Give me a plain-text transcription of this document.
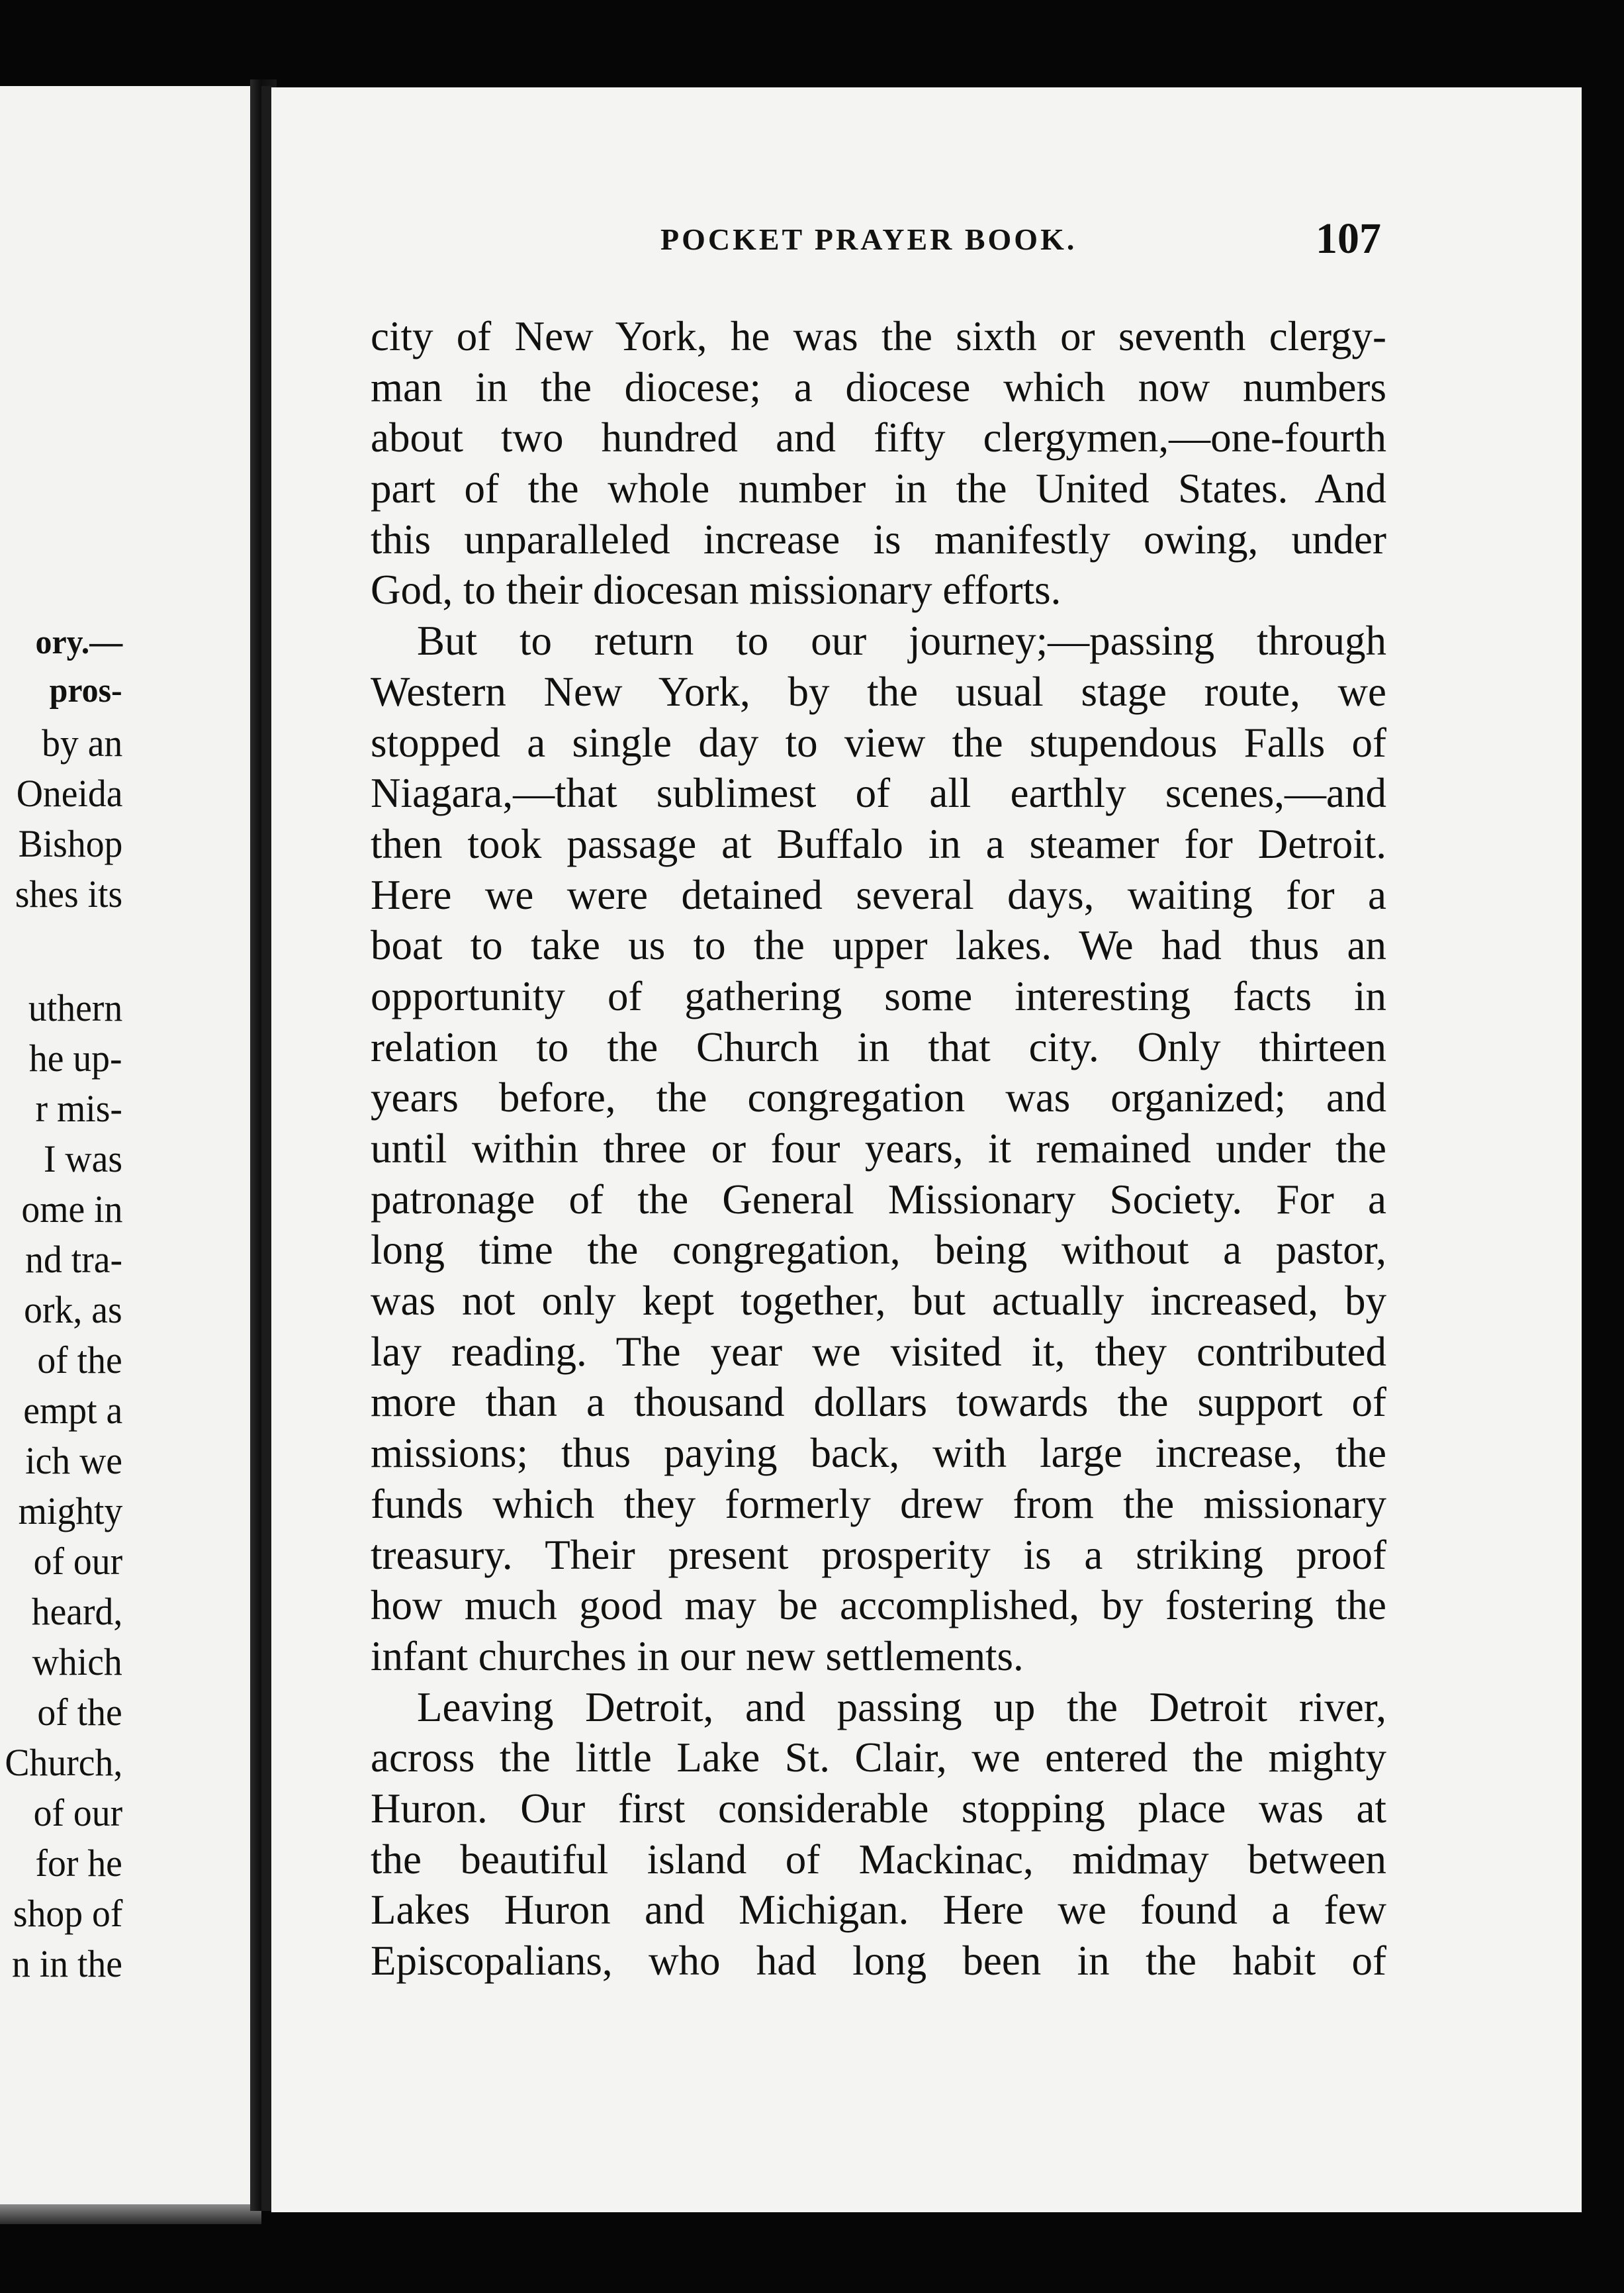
ory.—
pros-
by an
Oneida
Bishop
shes its
uthern
he up-
r mis-
I was
ome in
nd tra-
ork, as
of the
empt a
ich we
mighty
of our
heard,
which
of the
Church,
of our
for he
shop of
n in the
POCKET PRAYER BOOK.	107
city of New York, he was the sixth or seventh clergy-
man in the diocese; a diocese which now numbers
about two hundred and fifty clergymen,—one-fourth
part of the whole number in the United States. And
this unparalleled increase is manifestly owing, under
God, to their diocesan missionary efforts.
But to return to our journey;—passing through
Western New York, by the usual stage route, we
stopped a single day to view the stupendous Falls of
Niagara,—that sublimest of all earthly scenes,—and
then took passage at Buffalo in a steamer for Detroit.
Here we were detained several days, waiting for a
boat to take us to the upper lakes. We had thus an
opportunity of gathering some interesting facts in
relation to the Church in that city. Only thirteen
years before, the congregation was organized; and
until within three or four years, it remained under the
patronage of the General Missionary Society. For a
long time the congregation, being without a pastor,
was not only kept together, but actually increased, by
lay reading. The year we visited it, they contributed
more than a thousand dollars towards the support of
missions; thus paying back, with large increase, the
funds which they formerly drew from the missionary
treasury. Their present prosperity is a striking proof
how much good may be accomplished, by fostering the
infant churches in our new settlements.
Leaving Detroit, and passing up the Detroit river,
across the little Lake St. Clair, we entered the mighty
Huron. Our first considerable stopping place was at
the beautiful island of Mackinac, midmay between
Lakes Huron and Michigan. Here we found a few
Episcopalians, who had long been in the habit of
